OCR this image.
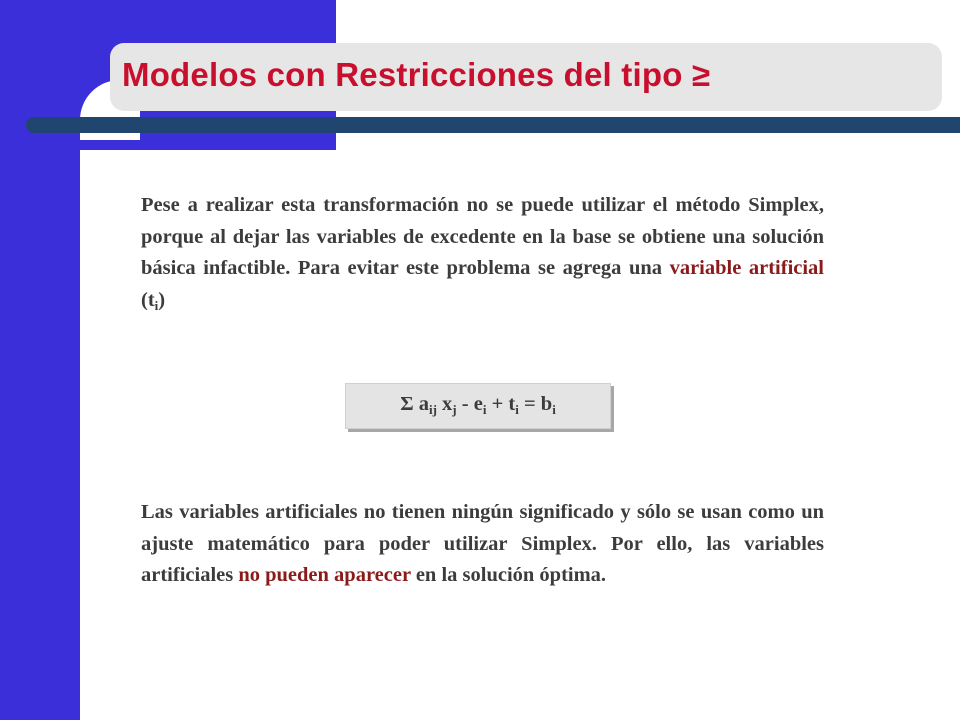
Modelos con Restricciones del tipo ≥

Pese a realizar esta transformación no se puede utilizar el método Simplex, porque al dejar las variables de excedente en la base se obtiene una solución básica infactible. Para evitar este problema se agrega una variable artificial $(t_i)$

Σ $a_{ij}$ $x_j - e_i + t_i = b_i$

Las variables artificiales no tienen ningún significado y sólo se usan como un ajuste matemático para poder utilizar Simplex. Por ello, las variables artificiales no pueden aparecer en la solución óptima.
